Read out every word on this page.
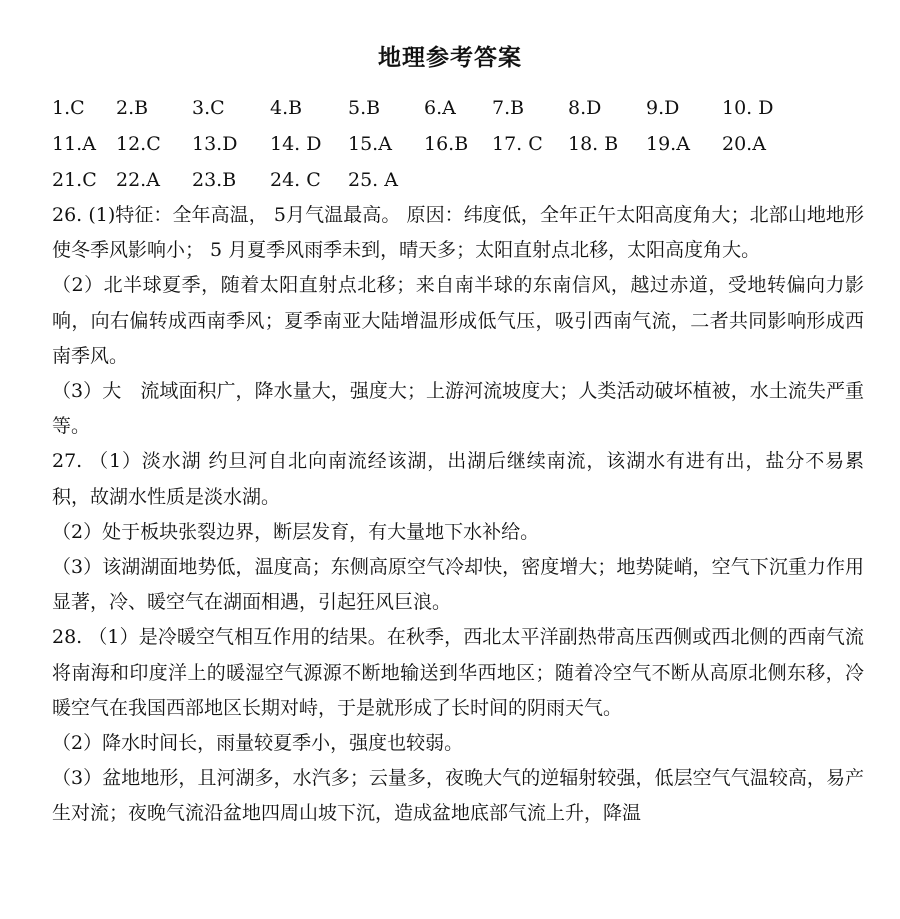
地理参考答案
1.C 2.B 3.C 4.B 5.B 6.A 7.B 8.D 9.D 10. D
11.A 12.C 13.D 14. D 15.A 16.B 17. C 18. B 19.A 20.A
21.C 22.A 23.B 24. C 25. A

26. (1)特征：全年高温， 5月气温最高。 原因：纬度低，全年正午太阳高度角大；北部山地地形使冬季风影响小； 5 月夏季风雨季未到，晴天多；太阳直射点北移，太阳高度角大。

（2）北半球夏季，随着太阳直射点北移；来自南半球的东南信风，越过赤道，受地转偏向力影响，向右偏转成西南季风；夏季南亚大陆增温形成低气压，吸引西南气流，二者共同影响形成西南季风。

（3）大　流域面积广，降水量大，强度大；上游河流坡度大；人类活动破坏植被，水土流失严重等。

27. （1）淡水湖 约旦河自北向南流经该湖，出湖后继续南流，该湖水有进有出，盐分不易累积，故湖水性质是淡水湖。

（2）处于板块张裂边界，断层发育，有大量地下水补给。

（3）该湖湖面地势低，温度高；东侧高原空气冷却快，密度增大；地势陡峭，空气下沉重力作用显著，冷、暖空气在湖面相遇，引起狂风巨浪。

28. （1）是冷暖空气相互作用的结果。在秋季，西北太平洋副热带高压西侧或西北侧的西南气流将南海和印度洋上的暖湿空气源源不断地输送到华西地区；随着冷空气不断从高原北侧东移，冷暖空气在我国西部地区长期对峙，于是就形成了长时间的阴雨天气。

（2）降水时间长，雨量较夏季小，强度也较弱。

（3）盆地地形，且河湖多，水汽多；云量多，夜晚大气的逆辐射较强，低层空气气温较高，易产生对流；夜晚气流沿盆地四周山坡下沉，造成盆地底部气流上升，降温
